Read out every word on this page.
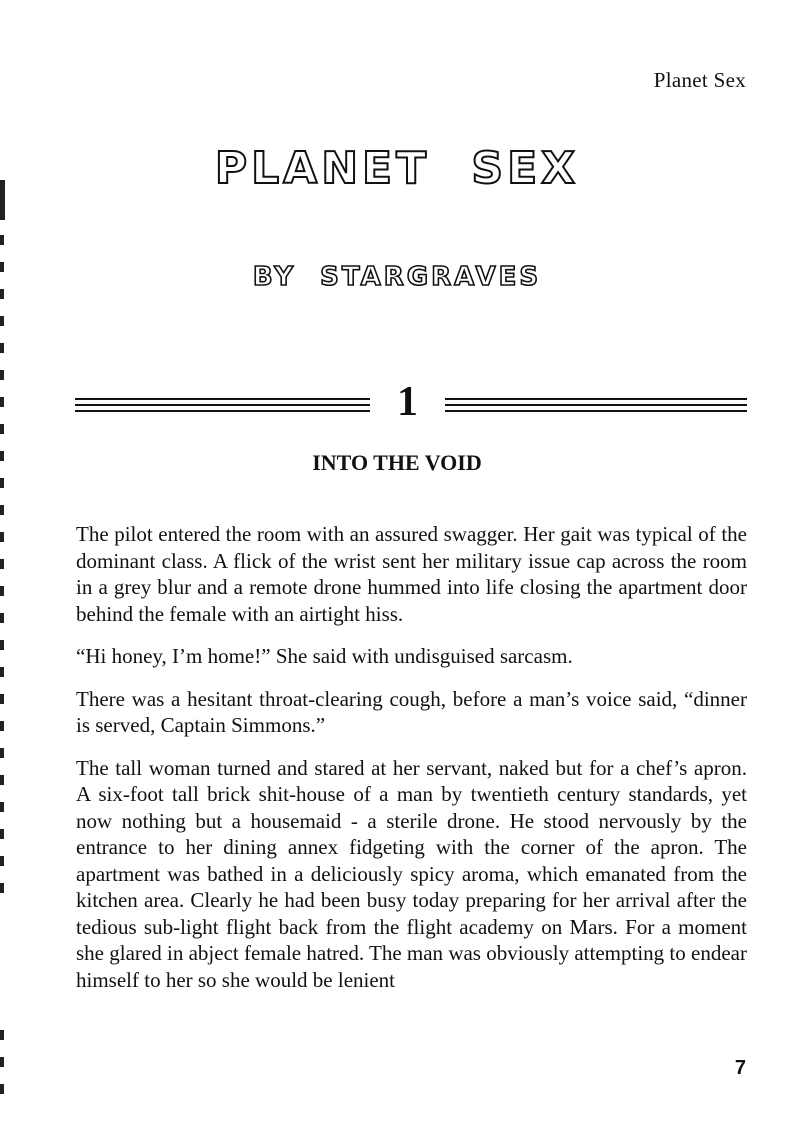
Planet Sex
PLANET SEX
BY STARGRAVES
1
INTO THE VOID

The pilot entered the room with an assured swagger. Her gait was typical of the dominant class. A flick of the wrist sent her military issue cap across the room in a grey blur and a remote drone hummed into life closing the apartment door behind the female with an airtight hiss.

“Hi honey, I’m home!” She said with undisguised sarcasm.

There was a hesitant throat-clearing cough, before a man’s voice said, “dinner is served, Captain Simmons.”

The tall woman turned and stared at her servant, naked but for a chef’s apron. A six-foot tall brick shit-house of a man by twentieth century standards, yet now nothing but a housemaid - a sterile drone. He stood nervously by the entrance to her dining annex fidgeting with the corner of the apron. The apartment was bathed in a deliciously spicy aroma, which emanated from the kitchen area. Clearly he had been busy today preparing for her arrival after the tedious sub-light flight back from the flight academy on Mars. For a moment she glared in abject female hatred. The man was obviously attempting to endear himself to her so she would be lenient

7
